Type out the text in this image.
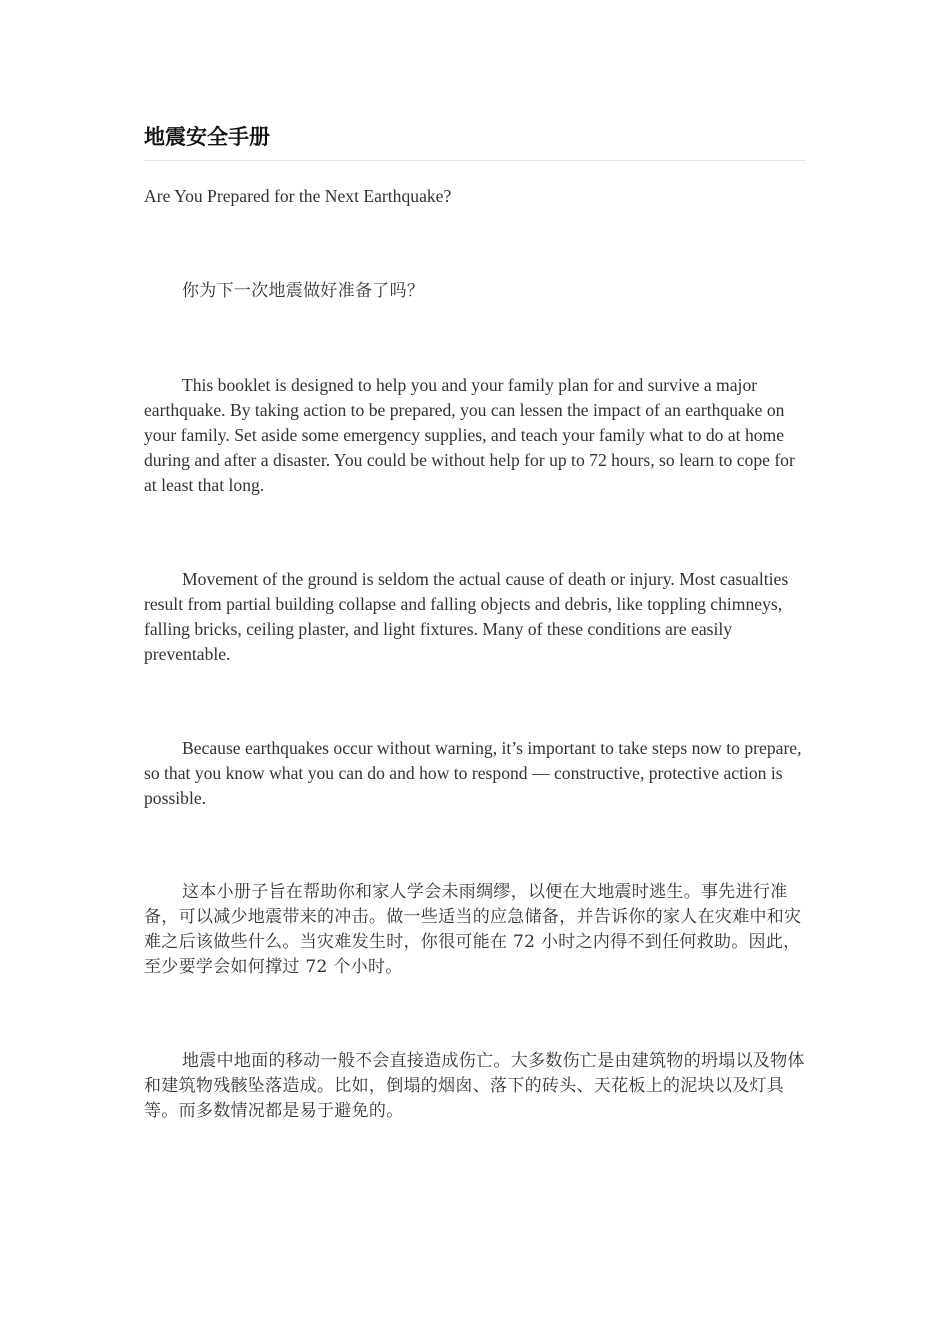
地震安全手册

Are You Prepared for the Next Earthquake?

你为下一次地震做好准备了吗？

This booklet is designed to help you and your family plan for and survive a major earthquake. By taking action to be prepared, you can lessen the impact of an earthquake on your family. Set aside some emergency supplies, and teach your family what to do at home during and after a disaster. You could be without help for up to 72 hours, so learn to cope for at least that long.

Movement of the ground is seldom the actual cause of death or injury. Most casualties result from partial building collapse and falling objects and debris, like toppling chimneys, falling bricks, ceiling plaster, and light fixtures. Many of these conditions are easily preventable.

Because earthquakes occur without warning, it’s important to take steps now to prepare, so that you know what you can do and how to respond — constructive, protective action is possible.

这本小册子旨在帮助你和家人学会未雨绸缪，以便在大地震时逃生。事先进行准备，可以减少地震带来的冲击。做一些适当的应急储备，并告诉你的家人在灾难中和灾难之后该做些什么。当灾难发生时，你很可能在 72 小时之内得不到任何救助。因此，至少要学会如何撑过 72 个小时。

地震中地面的移动一般不会直接造成伤亡。大多数伤亡是由建筑物的坍塌以及物体和建筑物残骸坠落造成。比如，倒塌的烟囱、落下的砖头、天花板上的泥块以及灯具等。而多数情况都是易于避免的。
